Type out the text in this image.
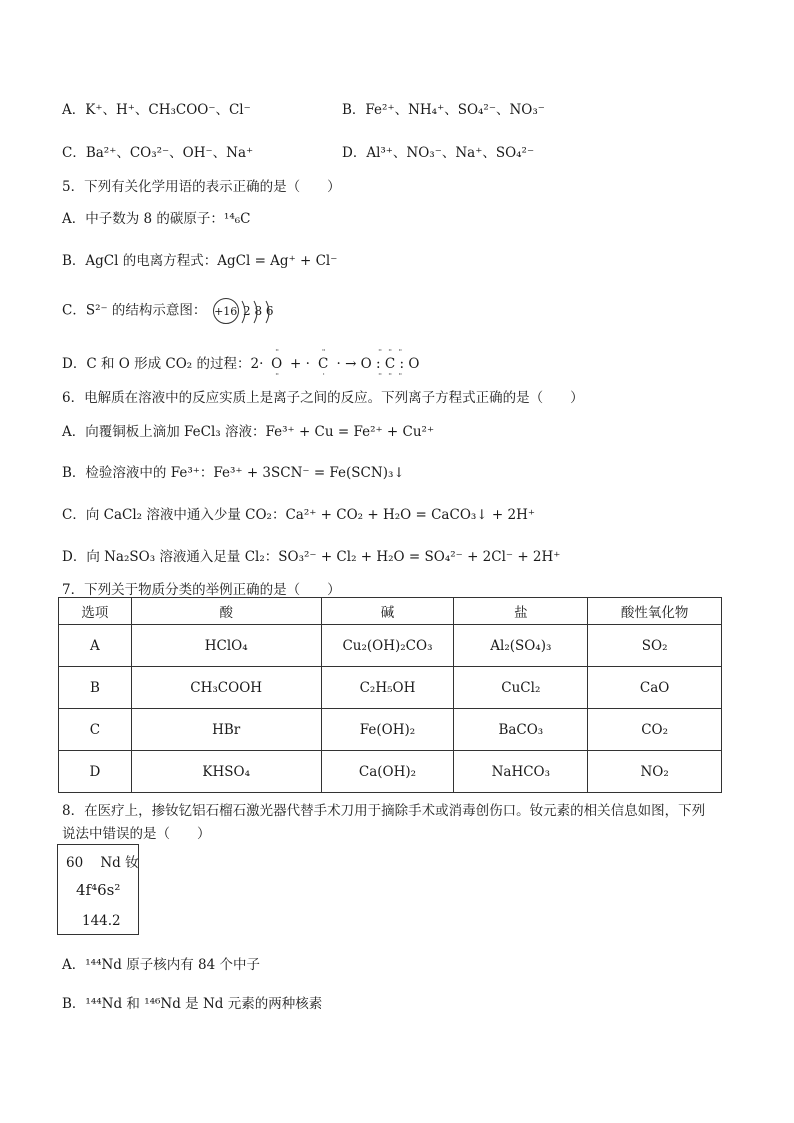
A．K⁺、H⁺、CH₃COO⁻、Cl⁻	B．Fe²⁺、NH₄⁺、SO₄²⁻、NO₃⁻
C．Ba²⁺、CO₃²⁻、OH⁻、Na⁺	D．Al³⁺、NO₃⁻、Na⁺、SO₄²⁻
5．下列有关化学用语的表示正确的是（　　）
A．中子数为 8 的碳原子：¹⁴₆C
B．AgCl 的电离方程式：AgCl = Ag⁺ + Cl⁻
C．S²⁻ 的结构示意图： +16 2 8 6
D．C 和 O 形成 CO₂ 的过程：2·
··
O
··
+ ·
··
C
·
· →
··　··　··
O : C : O
··　··　··
6．电解质在溶液中的反应实质上是离子之间的反应。下列离子方程式正确的是（　　）
A．向覆铜板上滴加 FeCl₃ 溶液：Fe³⁺ + Cu = Fe²⁺ + Cu²⁺
B．检验溶液中的 Fe³⁺：Fe³⁺ + 3SCN⁻ = Fe(SCN)₃↓
C．向 CaCl₂ 溶液中通入少量 CO₂：Ca²⁺ + CO₂ + H₂O = CaCO₃↓ + 2H⁺
D．向 Na₂SO₃ 溶液通入足量 Cl₂：SO₃²⁻ + Cl₂ + H₂O = SO₄²⁻ + 2Cl⁻ + 2H⁺
7．下列关于物质分类的举例正确的是（　　）
选项	酸	碱	盐	酸性氧化物
A	HClO₄	Cu₂(OH)₂CO₃	Al₂(SO₄)₃	SO₂
B	CH₃COOH	C₂H₅OH	CuCl₂	CaO
C	HBr	Fe(OH)₂	BaCO₃	CO₂
D	KHSO₄	Ca(OH)₂	NaHCO₃	NO₂
8．在医疗上，掺钕钇铝石榴石激光器代替手术刀用于摘除手术或消毒创伤口。钕元素的相关信息如图，下列
说法中错误的是（　　）
60 Nd 钕
4f⁴6s²
144.2
A．¹⁴⁴Nd 原子核内有 84 个中子
B．¹⁴⁴Nd 和 ¹⁴⁶Nd 是 Nd 元素的两种核素
